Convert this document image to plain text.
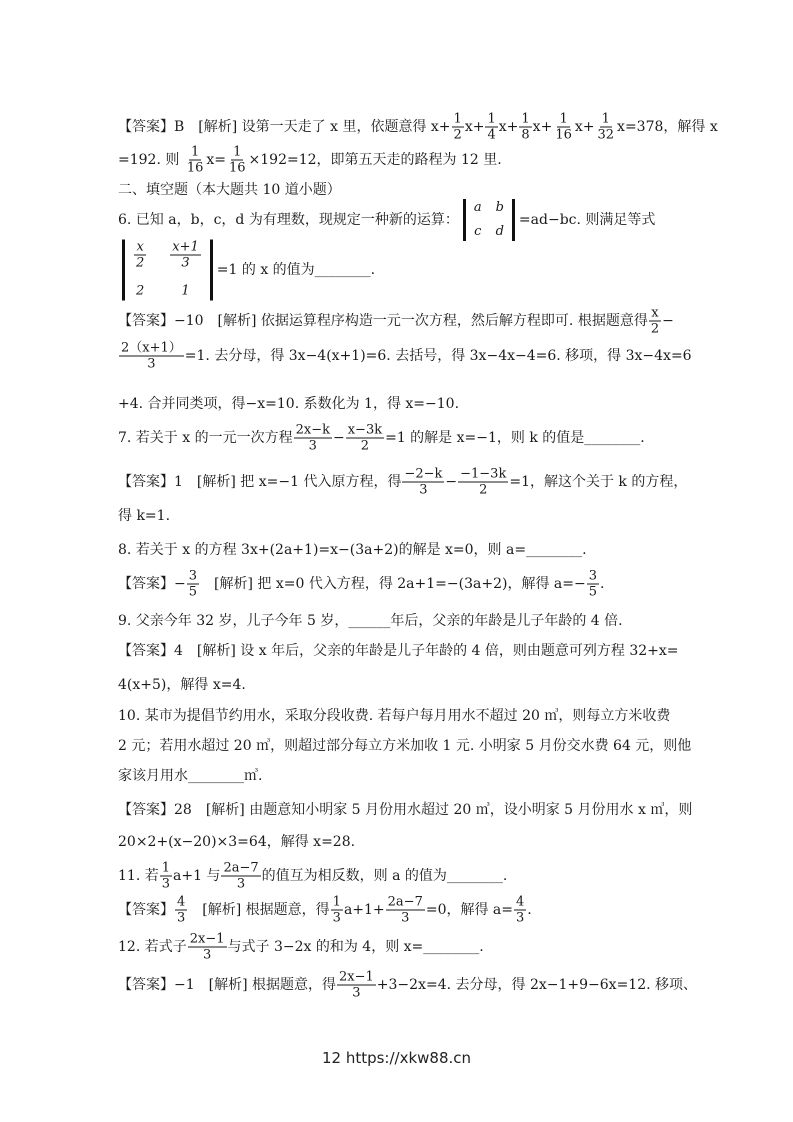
【答案】B　[解析] 设第一天走了 x 里，依题意得 $x+ \frac{1}{2} x+ \frac{1}{4} x+ \frac{1}{8} x+ \frac{1}{16} x+ \frac{1}{32} x=378$，解得 x
=192. 则 $\frac{1}{16} x= \frac{1}{16} \times 192=12$，即第五天走的路程为 12 里.
二、填空题（本大题共 10 道小题）
6. 已知 a，b，c，d 为有理数，现规定一种新的运算：
a b
c d
=ad−bc. 则满足等式
$\frac{x}{2} \frac{x+1}{3}$
2	1
=1 的 x 的值为________.
【答案】−10　[解析] 依据运算程序构造一元一次方程，然后解方程即可. 根据题意得 $\frac{x}{2}$ −
$\frac{2(x+1)}{3} =1$. 去分母，得 3x−4(x+1)=6. 去括号，得 3x−4x−4=6. 移项，得 3x−4x=6
+4. 合并同类项，得−x=10. 系数化为 1，得 x=−10.
7. 若关于 x 的一元一次方程 $\frac{2x-k}{3} - \frac{x-3k}{2} =1$ 的解是 x=−1，则 k 的值是________.
【答案】1　[解析] 把 x=−1 代入原方程，得 $\frac{-2-k}{3} - \frac{-1-3k}{2} =1$，解这个关于 k 的方程，
得 k=1.
8. 若关于 x 的方程 3x+(2a+1)=x−(3a+2)的解是 x=0，则 a=________.
【答案】− $\frac{3}{5}$ 　[解析] 把 x=0 代入方程，得 2a+1=−(3a+2)，解得 $a=- \frac{3}{5}$ .
9. 父亲今年 32 岁，儿子今年 5 岁，______年后，父亲的年龄是儿子年龄的 4 倍.
【答案】4　[解析] 设 x 年后，父亲的年龄是儿子年龄的 4 倍，则由题意可列方程 32+x=
4(x+5)，解得 x=4.
10. 某市为提倡节约用水，采取分段收费. 若每户每月用水不超过 20 ㎥，则每立方米收费
2 元；若用水超过 20 ㎥，则超过部分每立方米加收 1 元. 小明家 5 月份交水费 64 元，则他
家该月用水________㎥.
【答案】28　[解析] 由题意知小明家 5 月份用水超过 20 ㎥，设小明家 5 月份用水 x ㎥，则
20×2+(x−20)×3=64，解得 x=28.
11. 若 $\frac{1}{3} a+1$ 与 $\frac{2a-7}{3}$ 的值互为相反数，则 a 的值为________.
【答案】 $\frac{4}{3}$ 　[解析] 根据题意，得 $\frac{1}{3} a+1+ \frac{2a-7}{3} =0$，解得 $a= \frac{4}{3}$ .
12. 若式子 $\frac{2x-1}{3}$ 与式子 3−2x 的和为 4，则 x=________.
【答案】−1　[解析] 根据题意，得 $\frac{2x-1}{3} +3-2x=4$. 去分母，得 2x−1+9−6x=12. 移项、
12 https://xkw88.cn
